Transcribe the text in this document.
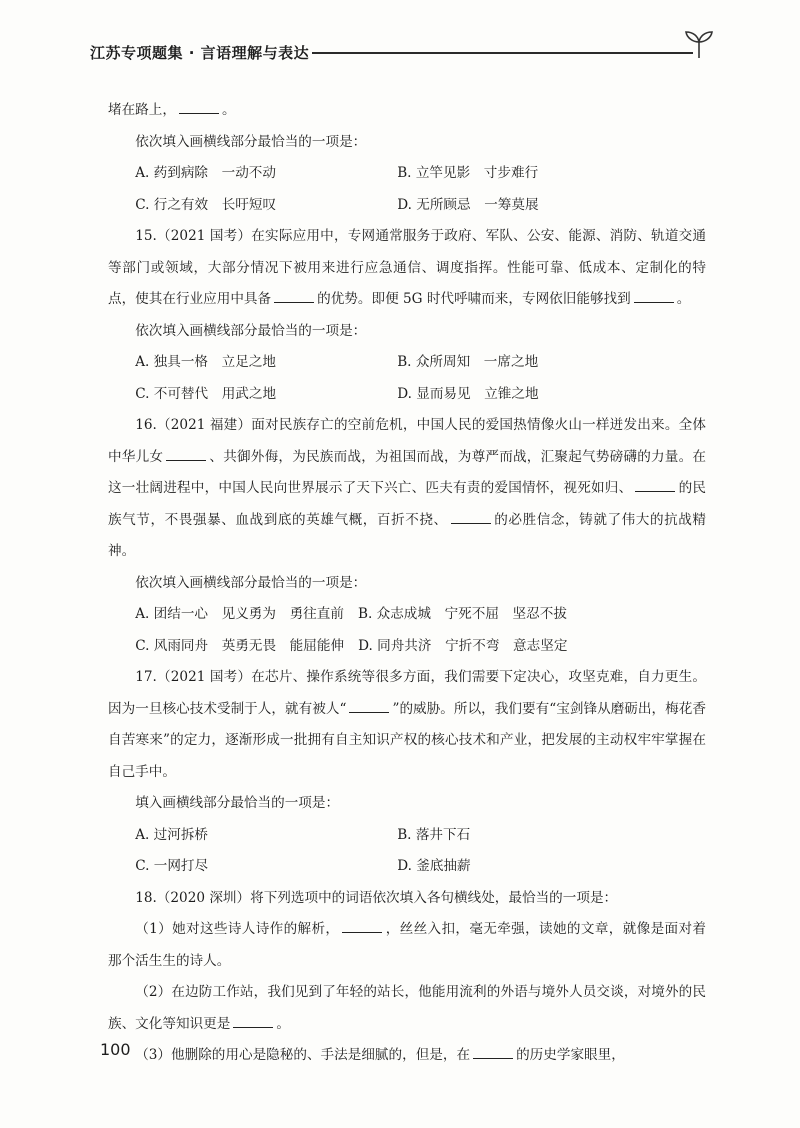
江苏专项题集 · 言语理解与表达

堵在路上，	。

依次填入画横线部分最恰当的一项是：

A. 药到病除　一动不动	B. 立竿见影　寸步难行
C. 行之有效　长吁短叹	D. 无所顾忌　一筹莫展

15.（2021 国考）在实际应用中，专网通常服务于政府、军队、公安、能源、消防、轨道交通等部门或领域，大部分情况下被用来进行应急通信、调度指挥。性能可靠、低成本、定制化的特点，使其在行业应用中具备	的优势。即便 5G 时代呼啸而来，专网依旧能够找到	。

依次填入画横线部分最恰当的一项是：

A. 独具一格　立足之地	B. 众所周知　一席之地
C. 不可替代　用武之地	D. 显而易见　立锥之地

16.（2021 福建）面对民族存亡的空前危机，中国人民的爱国热情像火山一样迸发出来。全体中华儿女	、共御外侮，为民族而战，为祖国而战，为尊严而战，汇聚起气势磅礴的力量。在这一壮阔进程中，中国人民向世界展示了天下兴亡、匹夫有责的爱国情怀，视死如归、	的民族气节，不畏强暴、血战到底的英雄气概，百折不挠、	的必胜信念，铸就了伟大的抗战精神。

依次填入画横线部分最恰当的一项是：

A. 团结一心　见义勇为　勇往直前 B. 众志成城　宁死不屈　坚忍不拔
C. 风雨同舟　英勇无畏　能屈能伸 D. 同舟共济　宁折不弯　意志坚定

17.（2021 国考）在芯片、操作系统等很多方面，我们需要下定决心，攻坚克难，自力更生。因为一旦核心技术受制于人，就有被人“	”的威胁。所以，我们要有“宝剑锋从磨砺出，梅花香自苦寒来”的定力，逐渐形成一批拥有自主知识产权的核心技术和产业，把发展的主动权牢牢掌握在自己手中。

填入画横线部分最恰当的一项是：

A. 过河拆桥	B. 落井下石
C. 一网打尽	D. 釜底抽薪

18.（2020 深圳）将下列选项中的词语依次填入各句横线处，最恰当的一项是：

（1）她对这些诗人诗作的解析，	，丝丝入扣，毫无牵强，读她的文章，就像是面对着那个活生生的诗人。

（2）在边防工作站，我们见到了年轻的站长，他能用流利的外语与境外人员交谈，对境外的民族、文化等知识更是	。

（3）他删除的用心是隐秘的、手法是细腻的，但是，在	的历史学家眼里，

100
